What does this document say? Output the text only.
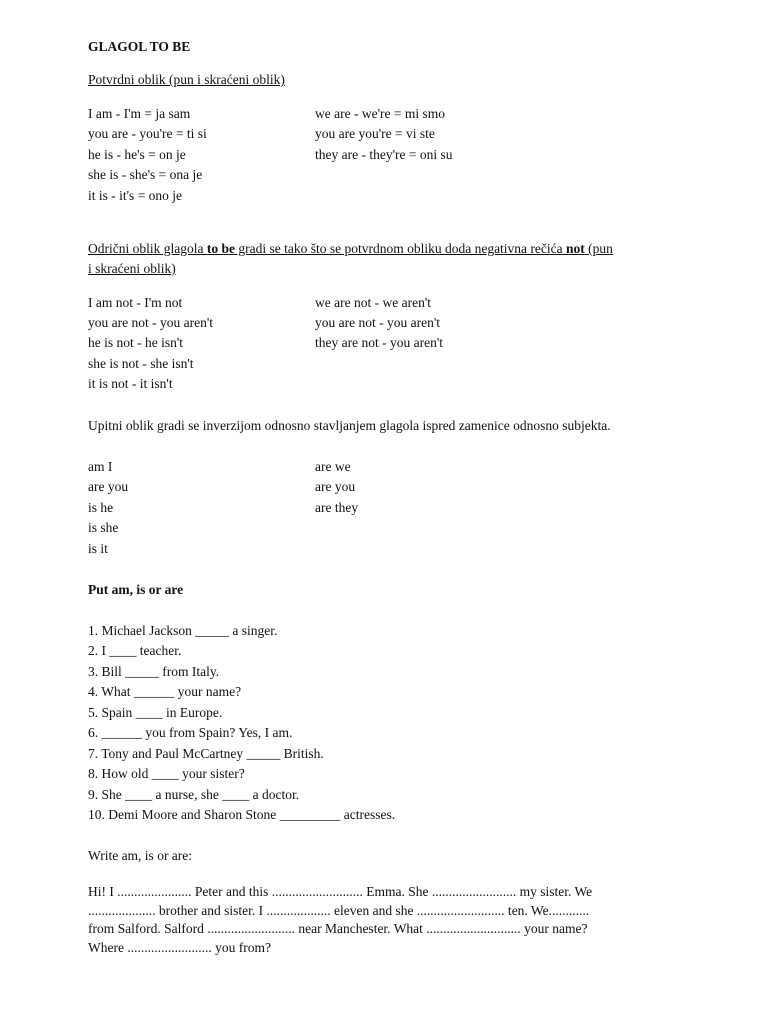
GLAGOL TO BE
Potvrdni oblik (pun i skraćeni oblik)
I am - I'm = ja sam
you are - you're = ti si
he is - he's = on je
she is - she's = ona je
it is - it's = ono je
we are - we're = mi smo
you are you're = vi ste
they are - they're = oni su
Odrični oblik glagola to be gradi se tako što se potvrdnom obliku doda negativna rečića not (pun
i skraćeni oblik)
I am not - I'm not
you are not - you aren't
he is not - he isn't
she is not - she isn't
it is not - it isn't
we are not - we aren't
you are not - you aren't
they are not - you aren't
Upitni oblik gradi se inverzijom odnosno stavljanjem glagola ispred zamenice odnosno subjekta.
am I
are you
is he
is she
is it
are we
are you
are they
Put am, is or are
1. Michael Jackson _____ a singer.
2. I ____ teacher.
3. Bill _____ from Italy.
4. What ______ your name?
5. Spain ____ in Europe.
6. ______ you from Spain? Yes, I am.
7. Tony and Paul McCartney _____ British.
8. How old ____ your sister?
9. She ____ a nurse, she ____ a doctor.
10. Demi Moore and Sharon Stone _________ actresses.
Write am, is or are:
Hi! I ...................... Peter and this ........................... Emma. She ......................... my sister. We
.................... brother and sister. I ................... eleven and she .......................... ten. We............
from Salford. Salford .......................... near Manchester. What ............................ your name?
Where ......................... you from?
